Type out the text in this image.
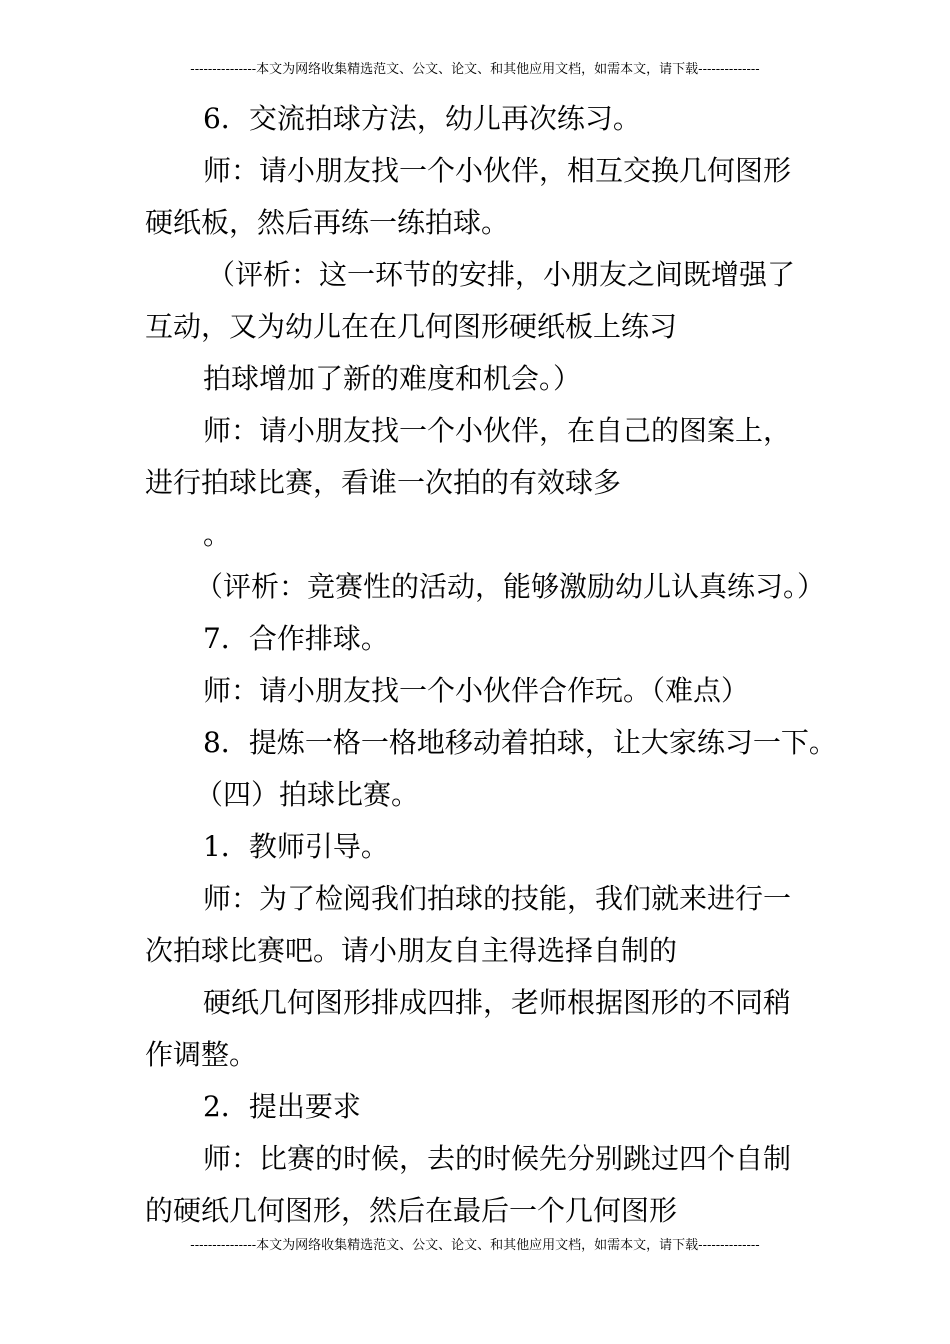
---------------本文为网络收集精选范文、公文、论文、和其他应用文档，如需本文，请下载--------------
6．交流拍球方法，幼儿再次练习。
师：请小朋友找一个小伙伴，相互交换几何图形
硬纸板，然后再练一练拍球。
（评析：这一环节的安排，小朋友之间既增强了
互动，又为幼儿在在几何图形硬纸板上练习
拍球增加了新的难度和机会。）
师：请小朋友找一个小伙伴，在自己的图案上，
进行拍球比赛，看谁一次拍的有效球多
。
（评析：竞赛性的活动，能够激励幼儿认真练习。）
7．合作排球。
师：请小朋友找一个小伙伴合作玩。（难点）
8．提炼一格一格地移动着拍球，让大家练习一下。
（四）拍球比赛。
1．教师引导。
师：为了检阅我们拍球的技能，我们就来进行一
次拍球比赛吧。请小朋友自主得选择自制的
硬纸几何图形排成四排，老师根据图形的不同稍
作调整。
2．提出要求
师：比赛的时候，去的时候先分别跳过四个自制
的硬纸几何图形，然后在最后一个几何图形
---------------本文为网络收集精选范文、公文、论文、和其他应用文档，如需本文，请下载--------------
